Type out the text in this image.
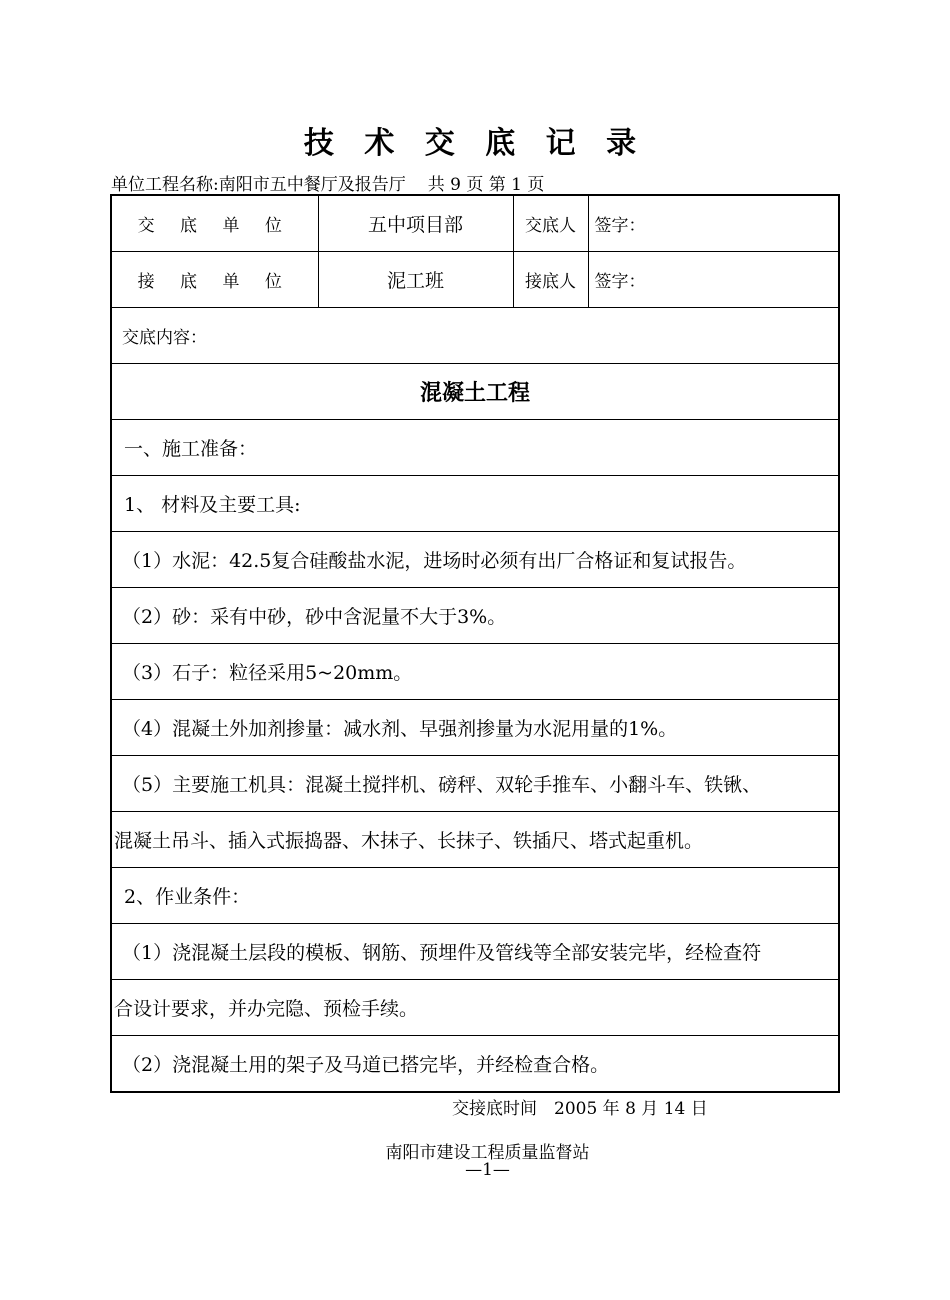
技 术 交 底 记 录
单位工程名称:南阳市五中餐厅及报告厅 共 9 页 第 1 页
交 底 单 位	五中项目部	交底人	签字：
接 底 单 位	泥工班	接底人	签字：
交底内容：			
混凝土工程			
一、施工准备：			
1、 材料及主要工具:			
（1）水泥：42.5复合硅酸盐水泥，进场时必须有出厂合格证和复试报告。			
（2）砂：采有中砂，砂中含泥量不大于3%。			
（3）石子：粒径采用5~20mm。			
（4）混凝土外加剂掺量：减水剂、早强剂掺量为水泥用量的1%。			
（5）主要施工机具：混凝土搅拌机、磅秤、双轮手推车、小翻斗车、铁锹、			
混凝土吊斗、插入式振捣器、木抹子、长抹子、铁插尺、塔式起重机。			
2、作业条件：			
（1）浇混凝土层段的模板、钢筋、预埋件及管线等全部安装完毕，经检查符			
合设计要求，并办完隐、预检手续。			
（2）浇混凝土用的架子及马道已搭完毕，并经检查合格。			
交接底时间　2005 年 8 月 14 日
南阳市建设工程质量监督站
—1—
